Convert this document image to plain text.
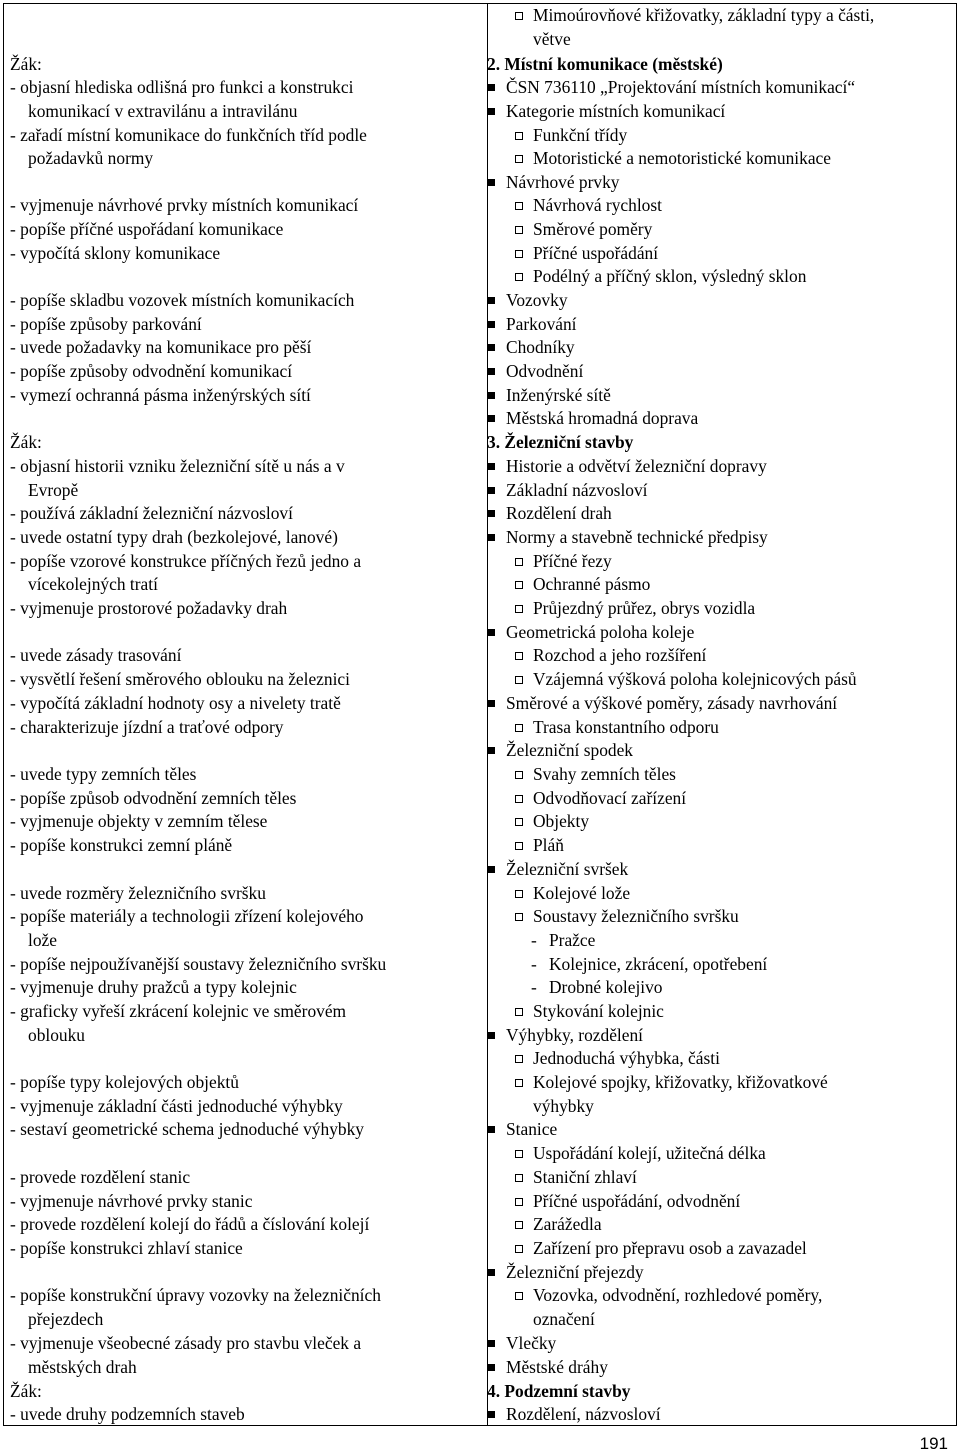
Žák:
- objasní hlediska odlišná pro funkci a konstrukci
komunikací v extravilánu a intravilánu
- zařadí místní komunikace do funkčních tříd podle
požadavků normy
- vyjmenuje návrhové prvky místních komunikací
- popíše příčné uspořádaní komunikace
- vypočítá sklony komunikace
- popíše skladbu vozovek místních komunikacích
- popíše způsoby parkování
- uvede požadavky na komunikace pro pěší
- popíše způsoby odvodnění komunikací
- vymezí ochranná pásma inženýrských sítí
Žák:
- objasní historii vzniku železniční sítě u nás a v
Evropě
- používá základní železniční názvosloví
- uvede ostatní typy drah (bezkolejové, lanové)
- popíše vzorové konstrukce příčných řezů jedno a
vícekolejných tratí
- vyjmenuje prostorové požadavky drah
- uvede zásady trasování
- vysvětlí řešení směrového oblouku na železnici
- vypočítá základní hodnoty osy a nivelety tratě
- charakterizuje jízdní a traťové odpory
- uvede typy zemních těles
- popíše způsob odvodnění zemních těles
- vyjmenuje objekty v zemním tělese
- popíše konstrukci zemní pláně
- uvede rozměry železničního svršku
- popíše materiály a technologii zřízení kolejového
lože
- popíše nejpoužívanější soustavy železničního svršku
- vyjmenuje druhy pražců a typy kolejnic
- graficky vyřeší zkrácení kolejnic ve směrovém
oblouku
- popíše typy kolejových objektů
- vyjmenuje základní části jednoduché výhybky
- sestaví geometrické schema jednoduché výhybky
- provede rozdělení stanic
- vyjmenuje návrhové prvky stanic
- provede rozdělení kolejí do řádů a číslování kolejí
- popíše konstrukci zhlaví stanice
- popíše konstrukční úpravy vozovky na železničních
přejezdech
- vyjmenuje všeobecné zásady pro stavbu vleček a
městských drah
Žák:
- uvede druhy podzemních staveb
Mimoúrovňové křižovatky, základní typy a části,
větve
2. Místní komunikace (městské)
ČSN 736110 „Projektování místních komunikací“
Kategorie místních komunikací
Funkční třídy
Motoristické a nemotoristické komunikace
Návrhové prvky
Návrhová rychlost
Směrové poměry
Příčné uspořádání
Podélný a příčný sklon, výsledný sklon
Vozovky
Parkování
Chodníky
Odvodnění
Inženýrské sítě
Městská hromadná doprava
3. Železniční stavby
Historie a odvětví železniční dopravy
Základní názvosloví
Rozdělení drah
Normy a stavebně technické předpisy
Příčné řezy
Ochranné pásmo
Průjezdný průřez, obrys vozidla
Geometrická poloha koleje
Rozchod a jeho rozšíření
Vzájemná výšková poloha kolejnicových pásů
Směrové a výškové poměry, zásady navrhování
Trasa konstantního odporu
Železniční spodek
Svahy zemních těles
Odvodňovací zařízení
Objekty
Pláň
Železniční svršek
Kolejové lože
Soustavy železničního svršku
-Pražce
-Kolejnice, zkrácení, opotřebení
-Drobné kolejivo
Stykování kolejnic
Výhybky, rozdělení
Jednoduchá výhybka, části
Kolejové spojky, křižovatky, křižovatkové
výhybky
Stanice
Uspořádání kolejí, užitečná délka
Staniční zhlaví
Příčné uspořádání, odvodnění
Zarážedla
Zařízení pro přepravu osob a zavazadel
Železniční přejezdy
Vozovka, odvodnění, rozhledové poměry,
označení
Vlečky
Městské dráhy
4. Podzemní stavby
Rozdělení, názvosloví
191
